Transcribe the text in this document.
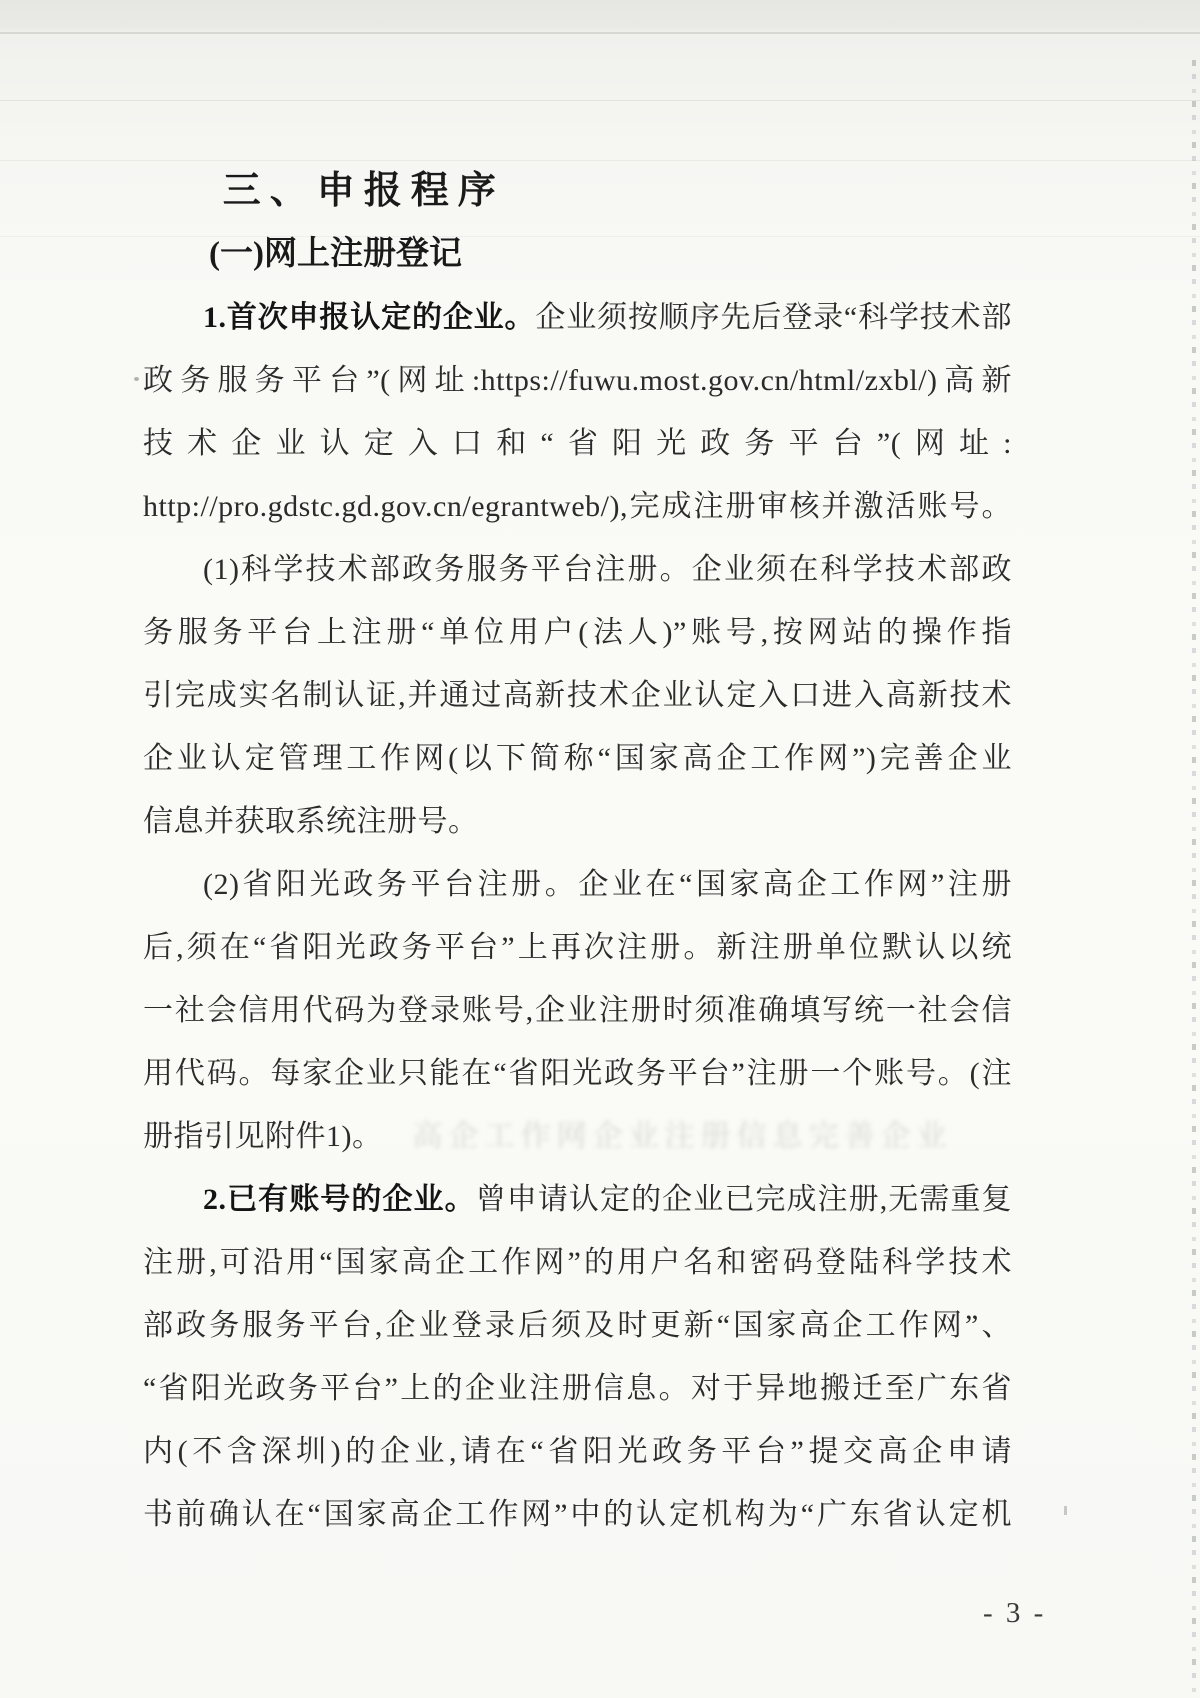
三、申报程序
(一)网上注册登记
1.首次申报认定的企业。企业须按顺序先后登录“科学技术部
政务服务平台”(网址:https://fuwu.most.gov.cn/html/zxbl/)高新
技术企业认定入口和“省阳光政务平台”(网址:
http://pro.gdstc.gd.gov.cn/egrantweb/),完成注册审核并激活账号。
(1)科学技术部政务服务平台注册。企业须在科学技术部政
务服务平台上注册“单位用户(法人)”账号,按网站的操作指
引完成实名制认证,并通过高新技术企业认定入口进入高新技术
企业认定管理工作网(以下简称“国家高企工作网”)完善企业
信息并获取系统注册号。
(2)省阳光政务平台注册。企业在“国家高企工作网”注册
后,须在“省阳光政务平台”上再次注册。新注册单位默认以统
一社会信用代码为登录账号,企业注册时须准确填写统一社会信
用代码。每家企业只能在“省阳光政务平台”注册一个账号。(注
册指引见附件1)。 高企工作网企业注册信息完善企业
2.已有账号的企业。曾申请认定的企业已完成注册,无需重复
注册,可沿用“国家高企工作网”的用户名和密码登陆科学技术
部政务服务平台,企业登录后须及时更新“国家高企工作网”、
“省阳光政务平台”上的企业注册信息。对于异地搬迁至广东省
内(不含深圳)的企业,请在“省阳光政务平台”提交高企申请
书前确认在“国家高企工作网”中的认定机构为“广东省认定机
- 3 -
